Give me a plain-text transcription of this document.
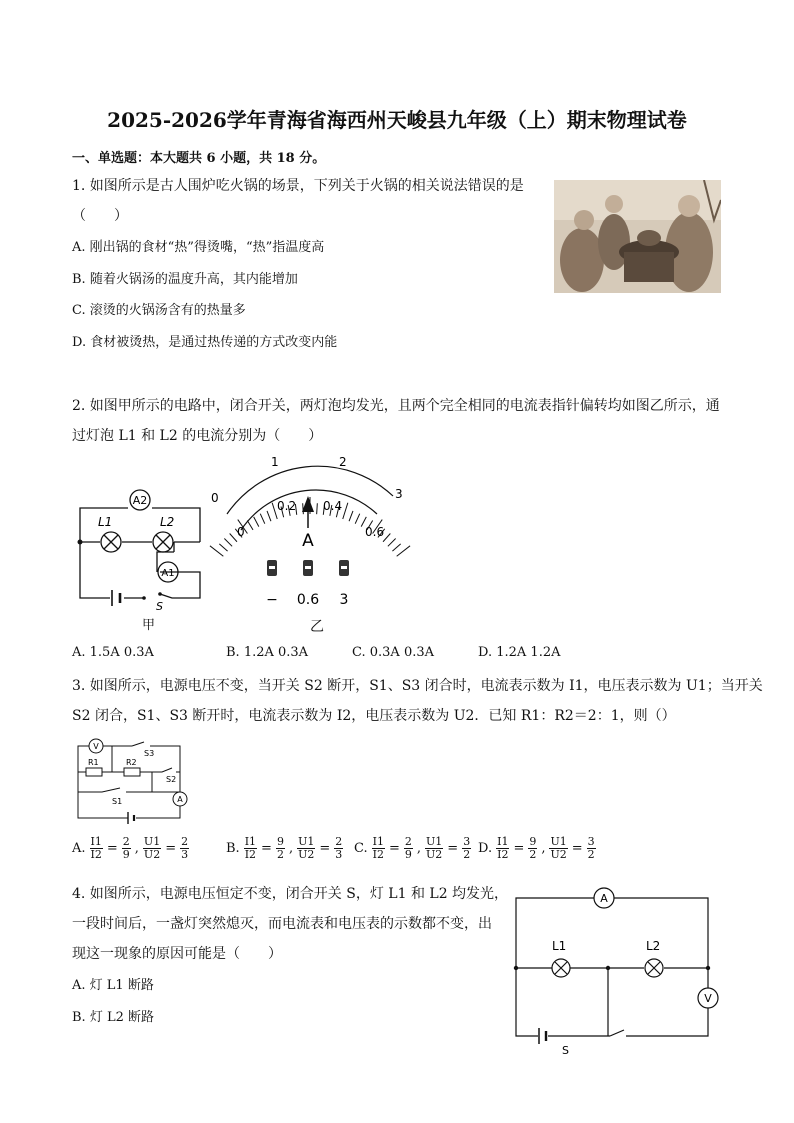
2025-2026学年青海省海西州天峻县九年级（上）期末物理试卷
一、单选题：本大题共 6 小题，共 18 分。
1. 如图所示是古人围炉吃火锅的场景，下列关于火锅的相关说法错误的是
（　　）
A. 刚出锅的食材“热”得烫嘴，“热”指温度高
B. 随着火锅汤的温度升高，其内能增加
C. 滚烫的火锅汤含有的热量多
D. 食材被烫热，是通过热传递的方式改变内能
2. 如图甲所示的电路中，闭合开关，两灯泡均发光，且两个完全相同的电流表指针偏转均如图乙所示，通
过灯泡 L1 和 L2 的电流分别为（　　）
A2
L1	L2
A1
S
甲
0
1	2
3
0
0.2 0.4
0.6
A
− 0.6 3
乙
A. 1.5A 0.3A	B. 1.2A 0.3A	C. 0.3A 0.3A	D. 1.2A 1.2A
3. 如图所示，电源电压不变，当开关 S2 断开，S1、S3 闭合时，电流表示数为 I1，电压表示数为 U1；当开关
S2 闭合，S1、S3 断开时，电流表示数为 I2，电压表示数为 U2．已知 R1：R2＝2：1，则（）
V
R1	R2
S3
S2
S1	A
A. $\frac{I1}{I2} = \frac{2}{9}$ , $\frac{U1}{U2} = \frac{2}{3}$	B. $\frac{I1}{I2} = \frac{9}{2}$ , $\frac{U1}{U2} = \frac{2}{3} C$. $\frac{I1}{I2} = \frac{2}{9}$ , $\frac{U1}{U2} = \frac{3}{2} D$. $\frac{I1}{I2} = \frac{9}{2}$ , $\frac{U1}{U2} = \frac{3}{2}$
4. 如图所示，电源电压恒定不变，闭合开关 S，灯 L1 和 L2 均发光，
一段时间后，一盏灯突然熄灭，而电流表和电压表的示数都不变，出
现这一现象的原因可能是（　　）
A. 灯 L1 断路
B. 灯 L2 断路
A
V
L1	L2
S
